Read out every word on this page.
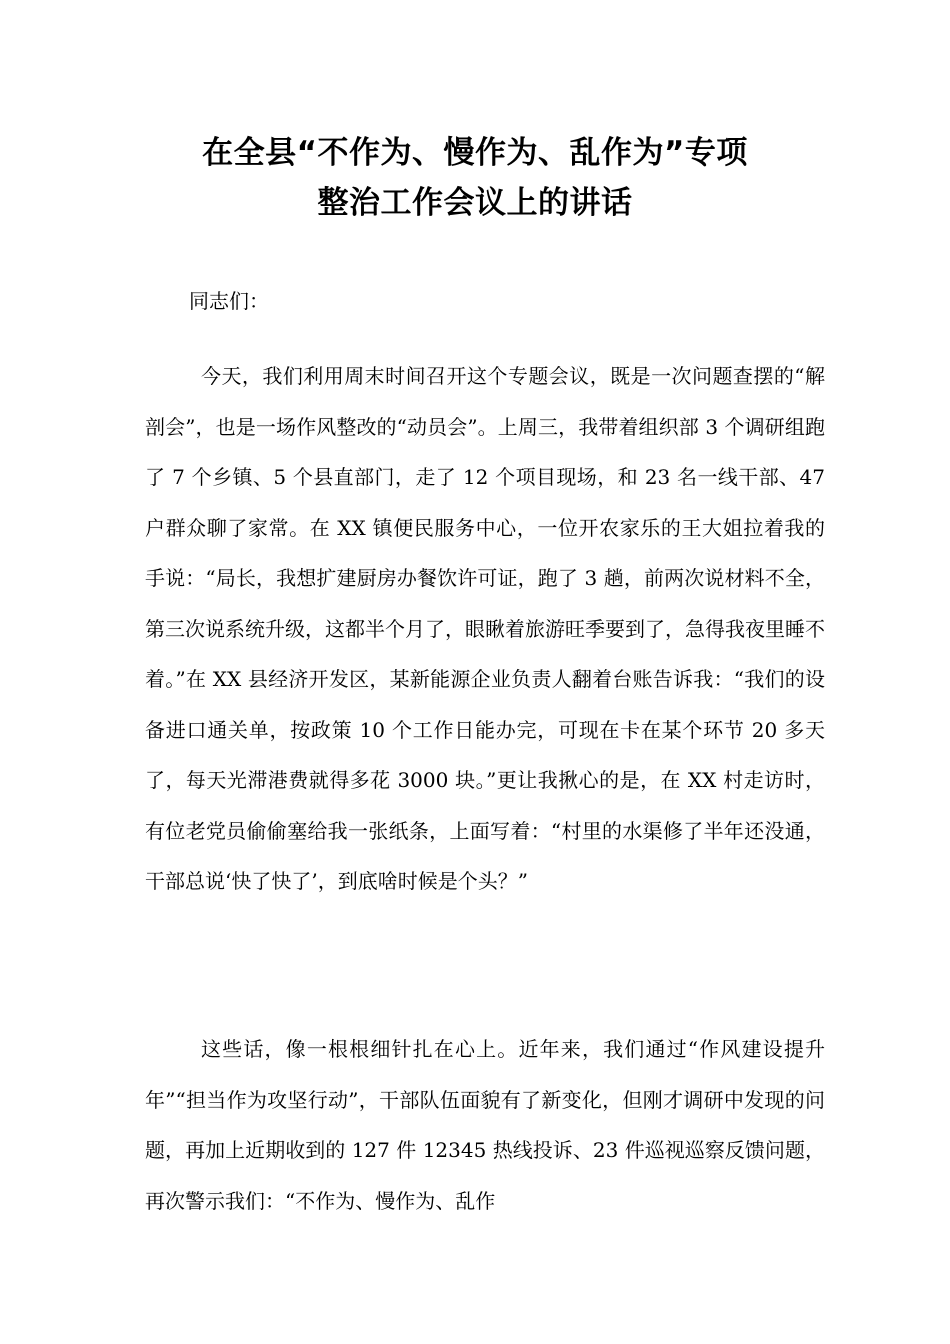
在全县“不作为、慢作为、乱作为”专项
整治工作会议上的讲话
同志们：
今天，我们利用周末时间召开这个专题会议，既是一次问题查摆的“解剖会”，也是一场作风整改的“动员会”。上周三，我带着组织部 3 个调研组跑了 7 个乡镇、5 个县直部门，走了 12 个项目现场，和 23 名一线干部、47 户群众聊了家常。在 XX 镇便民服务中心，一位开农家乐的王大姐拉着我的手说：“局长，我想扩建厨房办餐饮许可证，跑了 3 趟，前两次说材料不全，第三次说系统升级，这都半个月了，眼瞅着旅游旺季要到了，急得我夜里睡不着。”在 XX 县经济开发区，某新能源企业负责人翻着台账告诉我：“我们的设备进口通关单，按政策 10 个工作日能办完，可现在卡在某个环节 20 多天了，每天光滞港费就得多花 3000 块。”更让我揪心的是，在 XX 村走访时，有位老党员偷偷塞给我一张纸条，上面写着：“村里的水渠修了半年还没通，干部总说‘快了快了’，到底啥时候是个头？”
这些话，像一根根细针扎在心上。近年来，我们通过“作风建设提升年”“担当作为攻坚行动”，干部队伍面貌有了新变化，但刚才调研中发现的问题，再加上近期收到的 127 件 12345 热线投诉、23 件巡视巡察反馈问题，再次警示我们：“不作为、慢作为、乱作
